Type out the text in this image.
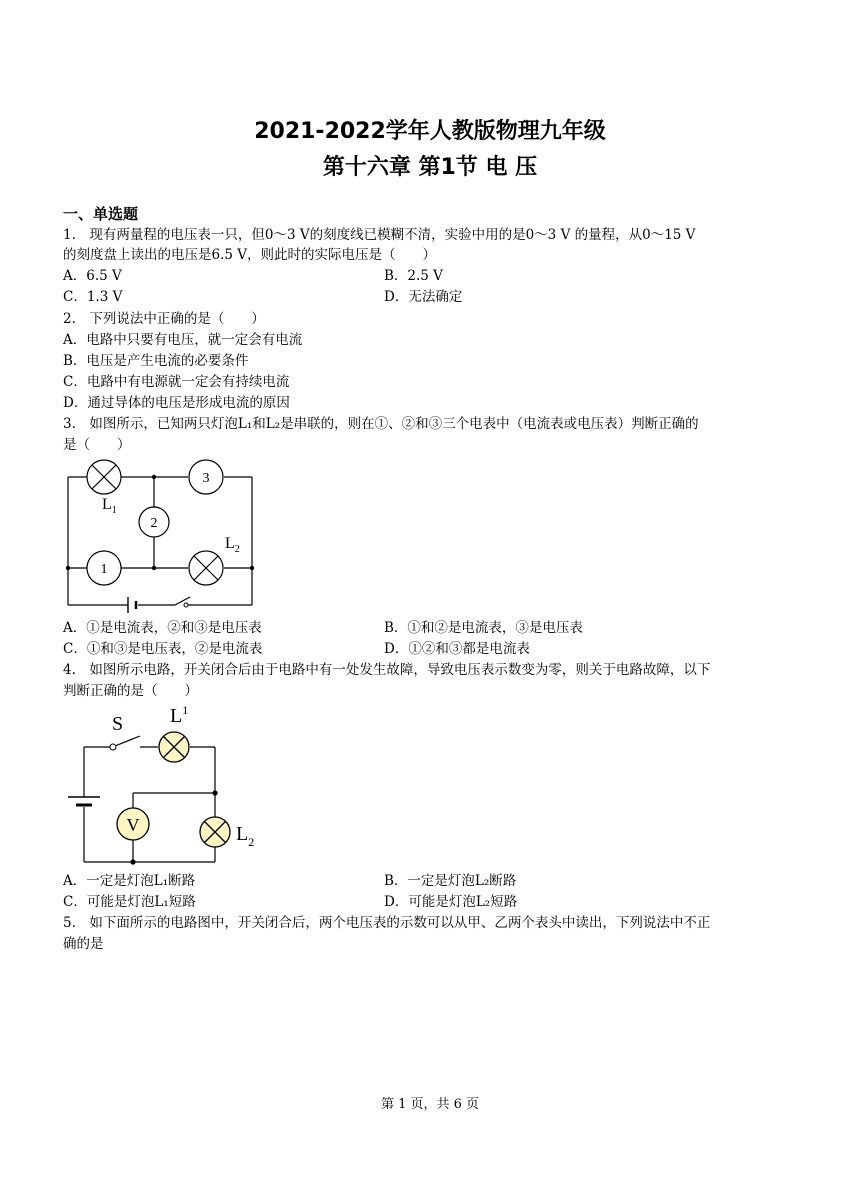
2021-2022学年人教版物理九年级
第十六章 第1节 电 压
一、单选题
1.　现有两量程的电压表一只，但0～3 V的刻度线已模糊不清，实验中用的是0～3 V 的量程，从0～15 V
的刻度盘上读出的电压是6.5 V，则此时的实际电压是（　　）
A．6.5 V	B．2.5 V
C．1.3 V	D．无法确定
2.　下列说法中正确的是（　　）
A．电路中只要有电压，就一定会有电流
B．电压是产生电流的必要条件
C．电路中有电源就一定会有持续电流
D．通过导体的电压是形成电流的原因
3.　如图所示，已知两只灯泡L₁和L₂是串联的，则在①、②和③三个电表中（电流表或电压表）判断正确的
是（　　）
1
2
3
$L_1$
$L_2$
A．①是电流表，②和③是电压表	B．①和②是电流表，③是电压表
C．①和③是电压表，②是电流表	D．①②和③都是电流表
4.　如图所示电路，开关闭合后由于电路中有一处发生故障，导致电压表示数变为零，则关于电路故障，以下
判断正确的是（　　）
V
S $L^1$
$L_2$
A．一定是灯泡L₁断路	B．一定是灯泡L₂断路
C．可能是灯泡L₁短路	D．可能是灯泡L₂短路
5.　如下面所示的电路图中，开关闭合后，两个电压表的示数可以从甲、乙两个表头中读出，下列说法中不正
确的是
第 1 页，共 6 页
